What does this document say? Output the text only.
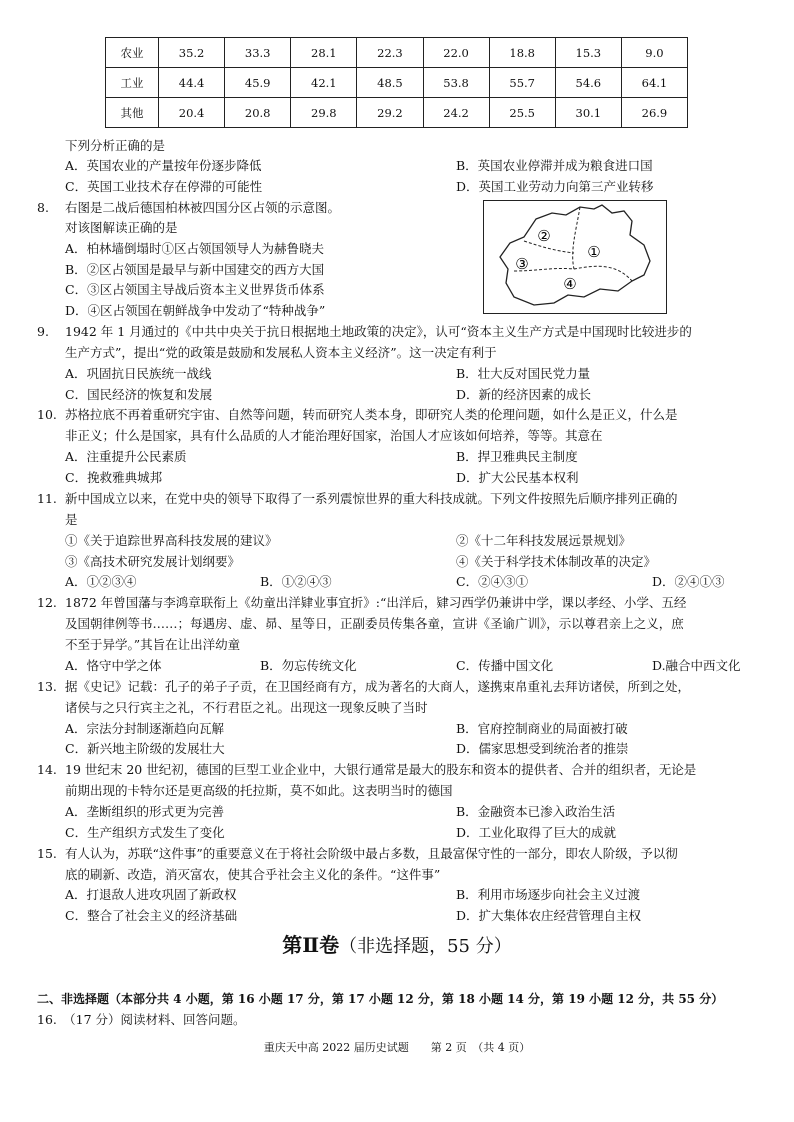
农业	35.2	33.3	28.1	22.3	22.0	18.8	15.3	9.0
工业	44.4	45.9	42.1	48.5	53.8	55.7	54.6	64.1
其他	20.4	20.8	29.8	29.2	24.2	25.5	30.1	26.9
下列分析正确的是
A．英国农业的产量按年份逐步降低	B．英国农业停滞并成为粮食进口国
C．英国工业技术存在停滞的可能性	D．英国工业劳动力向第三产业转移
8. 右图是二战后德国柏林被四国分区占领的示意图。
对该图解读正确的是
A．柏林墙倒塌时①区占领国领导人为赫鲁晓夫
B．②区占领国是最早与新中国建交的西方大国
C．③区占领国主导战后资本主义世界货币体系
D．④区占领国在朝鲜战争中发动了“特种战争”
②
①
③
④
9. 1942 年 1 月通过的《中共中央关于抗日根据地土地政策的决定》，认可“资本主义生产方式是中国现时比较进步的
生产方式”，提出“党的政策是鼓励和发展私人资本主义经济”。这一决定有利于
A．巩固抗日民族统一战线	B．壮大反对国民党力量
C．国民经济的恢复和发展	D．新的经济因素的成长
10. 苏格拉底不再着重研究宇宙、自然等问题，转而研究人类本身，即研究人类的伦理问题，如什么是正义，什么是
非正义；什么是国家，具有什么品质的人才能治理好国家，治国人才应该如何培养，等等。其意在
A．注重提升公民素质	B．捍卫雅典民主制度
C．挽救雅典城邦	D．扩大公民基本权利
11. 新中国成立以来，在党中央的领导下取得了一系列震惊世界的重大科技成就。下列文件按照先后顺序排列正确的
是
①《关于追踪世界高科技发展的建议》	②《十二年科技发展远景规划》
③《高技术研究发展计划纲要》	④《关于科学技术体制改革的决定》
A．①②③④	B．①②④③	C．②④③①	D．②④①③
12. 1872 年曾国藩与李鸿章联衔上《幼童出洋肄业事宜折》:“出洋后，肄习西学仍兼讲中学，课以孝经、小学、五经
及国朝律例等书……；每遇房、虚、昴、星等日，正副委员传集各童，宣讲《圣谕广训》，示以尊君亲上之义，庶
不至于异学。”其旨在让出洋幼童
A．恪守中学之体	B．勿忘传统文化	C．传播中国文化	D.融合中西文化
13. 据《史记》记载：孔子的弟子子贡，在卫国经商有方，成为著名的大商人，遂携束帛重礼去拜访诸侯，所到之处，
诸侯与之只行宾主之礼，不行君臣之礼。出现这一现象反映了当时
A．宗法分封制逐渐趋向瓦解	B．官府控制商业的局面被打破
C．新兴地主阶级的发展壮大	D．儒家思想受到统治者的推崇
14. 19 世纪末 20 世纪初，德国的巨型工业企业中，大银行通常是最大的股东和资本的提供者、合并的组织者，无论是
前期出现的卡特尔还是更高级的托拉斯，莫不如此。这表明当时的德国
A．垄断组织的形式更为完善	B．金融资本已渗入政治生活
C．生产组织方式发生了变化	D．工业化取得了巨大的成就
15. 有人认为，苏联“这件事”的重要意义在于将社会阶级中最占多数，且最富保守性的一部分，即农人阶级，予以彻
底的刷新、改造，消灭富农，使其合乎社会主义化的条件。“这件事”
A．打退敌人进攻巩固了新政权	B．利用市场逐步向社会主义过渡
C．整合了社会主义的经济基础	D．扩大集体农庄经营管理自主权
第Ⅱ卷（非选择题，55 分）
二、非选择题（本部分共 4 小题，第 16 小题 17 分，第 17 小题 12 分，第 18 小题 14 分，第 19 小题 12 分，共 55 分）
16.　（17 分）阅读材料、回答问题。
重庆天中高 2022 届历史试题　　第 2 页　（共 4 页）
